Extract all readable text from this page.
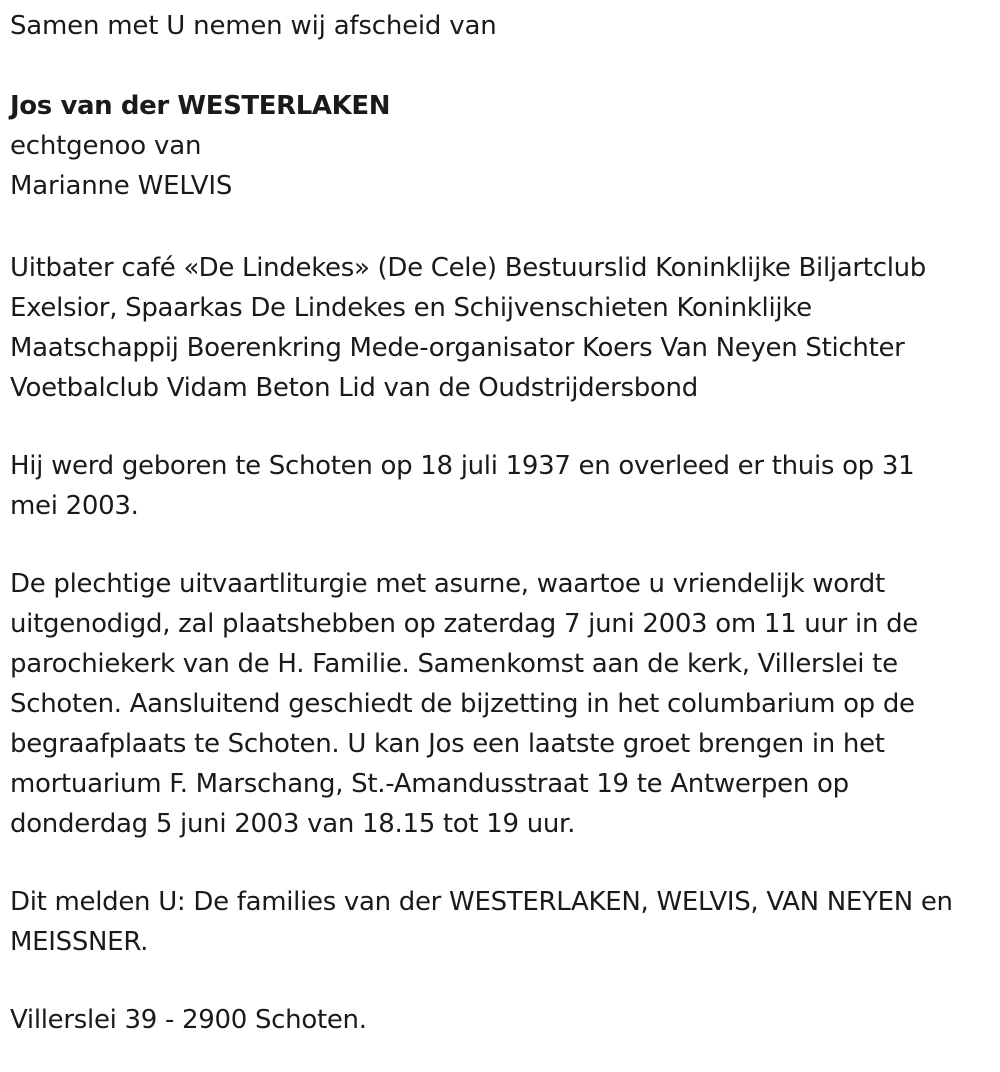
Samen met U nemen wij afscheid van
Jos van der WESTERLAKEN
echtgenoo van
Marianne WELVIS
Uitbater café «De Lindekes» (De Cele) Bestuurslid Koninklijke Biljartclub
Exelsior, Spaarkas De Lindekes en Schijvenschieten Koninklijke
Maatschappij Boerenkring Mede-organisator Koers Van Neyen Stichter
Voetbalclub Vidam Beton Lid van de Oudstrijdersbond
Hij werd geboren te Schoten op 18 juli 1937 en overleed er thuis op 31
mei 2003.
De plechtige uitvaartliturgie met asurne, waartoe u vriendelijk wordt
uitgenodigd, zal plaatshebben op zaterdag 7 juni 2003 om 11 uur in de
parochiekerk van de H. Familie. Samenkomst aan de kerk, Villerslei te
Schoten. Aansluitend geschiedt de bijzetting in het columbarium op de
begraafplaats te Schoten. U kan Jos een laatste groet brengen in het
mortuarium F. Marschang, St.-Amandusstraat 19 te Antwerpen op
donderdag 5 juni 2003 van 18.15 tot 19 uur.
Dit melden U: De families van der WESTERLAKEN, WELVIS, VAN NEYEN en
MEISSNER.
Villerslei 39 - 2900 Schoten.
